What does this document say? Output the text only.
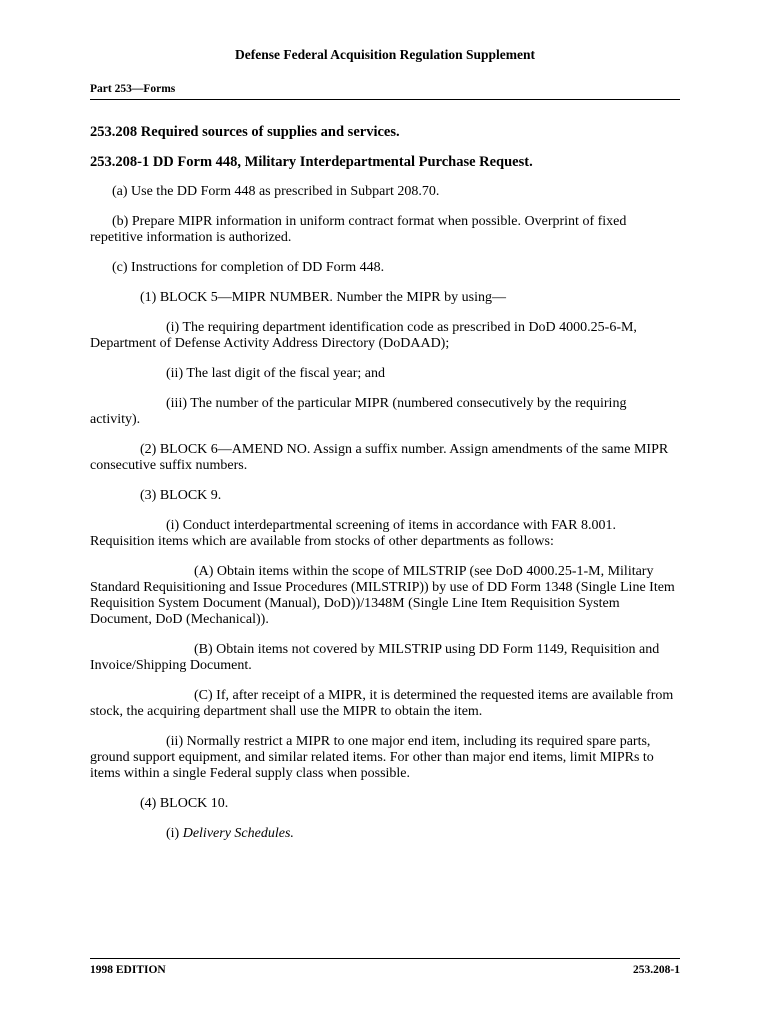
Defense Federal Acquisition Regulation Supplement
Part 253—Forms

253.208 Required sources of supplies and services.

253.208-1 DD Form 448, Military Interdepartmental Purchase Request.

(a) Use the DD Form 448 as prescribed in Subpart 208.70.

(b) Prepare MIPR information in uniform contract format when possible. Overprint of fixed repetitive information is authorized.

(c) Instructions for completion of DD Form 448.

(1) BLOCK 5—MIPR NUMBER. Number the MIPR by using—

(i) The requiring department identification code as prescribed in DoD 4000.25-6-M, Department of Defense Activity Address Directory (DoDAAD);

(ii) The last digit of the fiscal year; and

(iii) The number of the particular MIPR (numbered consecutively by the requiring activity).

(2) BLOCK 6—AMEND NO. Assign a suffix number. Assign amendments of the same MIPR consecutive suffix numbers.

(3) BLOCK 9.

(i) Conduct interdepartmental screening of items in accordance with FAR 8.001. Requisition items which are available from stocks of other departments as follows:

(A) Obtain items within the scope of MILSTRIP (see DoD 4000.25-1-M, Military Standard Requisitioning and Issue Procedures (MILSTRIP)) by use of DD Form 1348 (Single Line Item Requisition System Document (Manual), DoD))/1348M (Single Line Item Requisition System Document, DoD (Mechanical)).

(B) Obtain items not covered by MILSTRIP using DD Form 1149, Requisition and Invoice/Shipping Document.

(C) If, after receipt of a MIPR, it is determined the requested items are available from stock, the acquiring department shall use the MIPR to obtain the item.

(ii) Normally restrict a MIPR to one major end item, including its required spare parts, ground support equipment, and similar related items. For other than major end items, limit MIPRs to items within a single Federal supply class when possible.

(4) BLOCK 10.

(i) Delivery Schedules.

1998 EDITION	253.208-1
